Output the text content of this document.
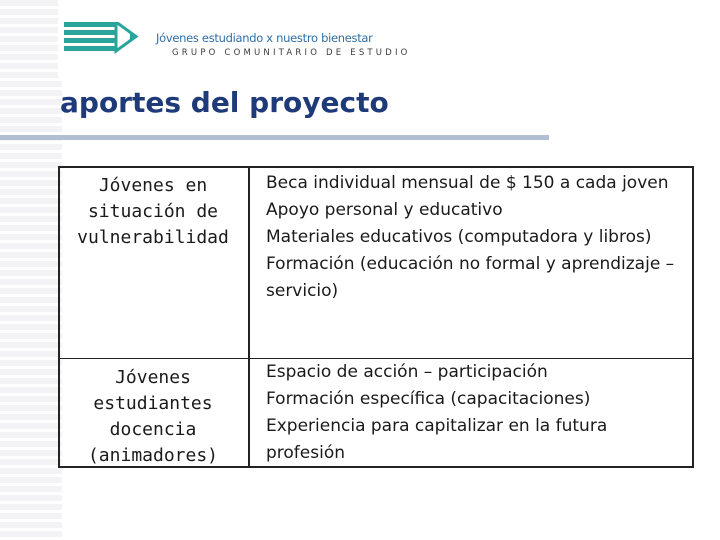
Jóvenes estudiando x nuestro bienestar
GRUPO COMUNITARIO DE ESTUDIO
aportes del proyecto
Jóvenes en situación de vulnerabilidad
Beca individual mensual de $ 150 a cada joven
Apoyo personal y educativo
Materiales educativos (computadora y libros)
Formación (educación no formal y aprendizaje – servicio)
Jóvenes estudiantes docencia (animadores)
Espacio de acción – participación
Formación específica (capacitaciones)
Experiencia para capitalizar en la futura profesión
